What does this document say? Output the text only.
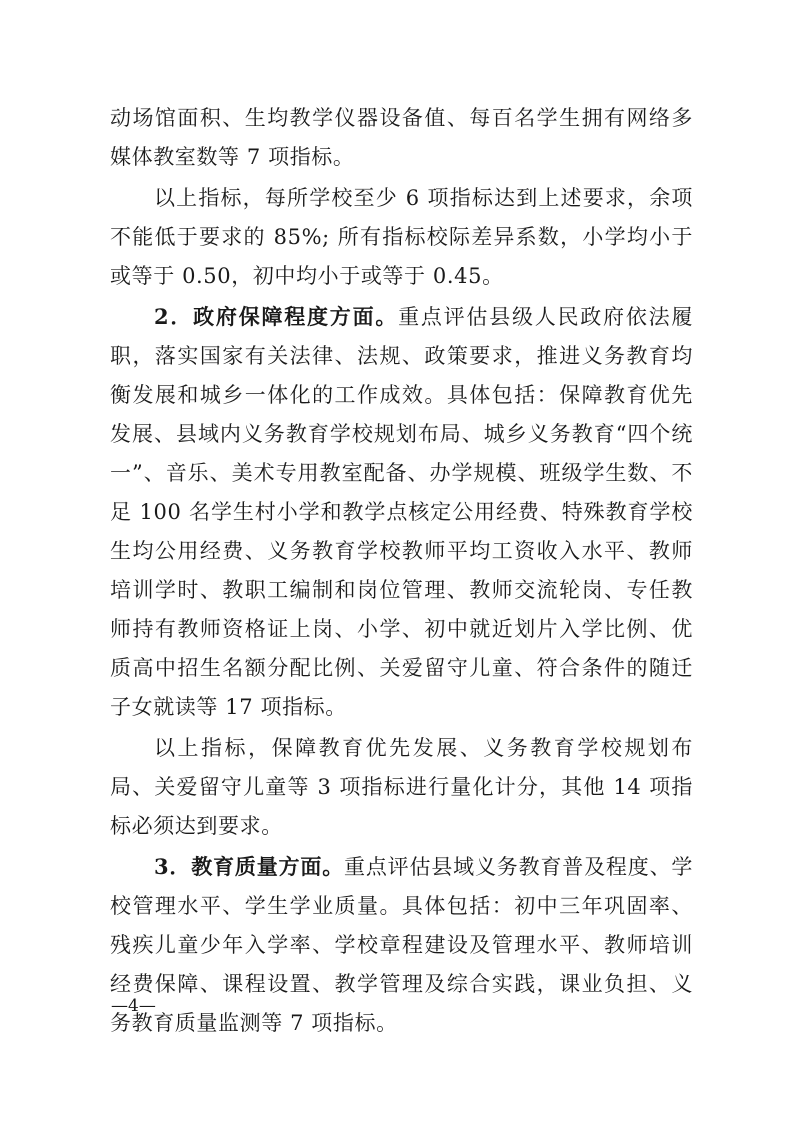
动场馆面积、生均教学仪器设备值、每百名学生拥有网络多媒体教室数等 7 项指标。

以上指标，每所学校至少 6 项指标达到上述要求，余项不能低于要求的 85%; 所有指标校际差异系数，小学均小于或等于 0.50，初中均小于或等于 0.45。

2．政府保障程度方面。重点评估县级人民政府依法履职，落实国家有关法律、法规、政策要求，推进义务教育均衡发展和城乡一体化的工作成效。具体包括：保障教育优先发展、县域内义务教育学校规划布局、城乡义务教育“四个统一”、音乐、美术专用教室配备、办学规模、班级学生数、不足 100 名学生村小学和教学点核定公用经费、特殊教育学校生均公用经费、义务教育学校教师平均工资收入水平、教师培训学时、教职工编制和岗位管理、教师交流轮岗、专任教师持有教师资格证上岗、小学、初中就近划片入学比例、优质高中招生名额分配比例、关爱留守儿童、符合条件的随迁子女就读等 17 项指标。

以上指标，保障教育优先发展、义务教育学校规划布局、关爱留守儿童等 3 项指标进行量化计分，其他 14 项指标必须达到要求。

3．教育质量方面。重点评估县域义务教育普及程度、学校管理水平、学生学业质量。具体包括：初中三年巩固率、残疾儿童少年入学率、学校章程建设及管理水平、教师培训经费保障、课程设置、教学管理及综合实践，课业负担、义务教育质量监测等 7 项指标。

—4—
